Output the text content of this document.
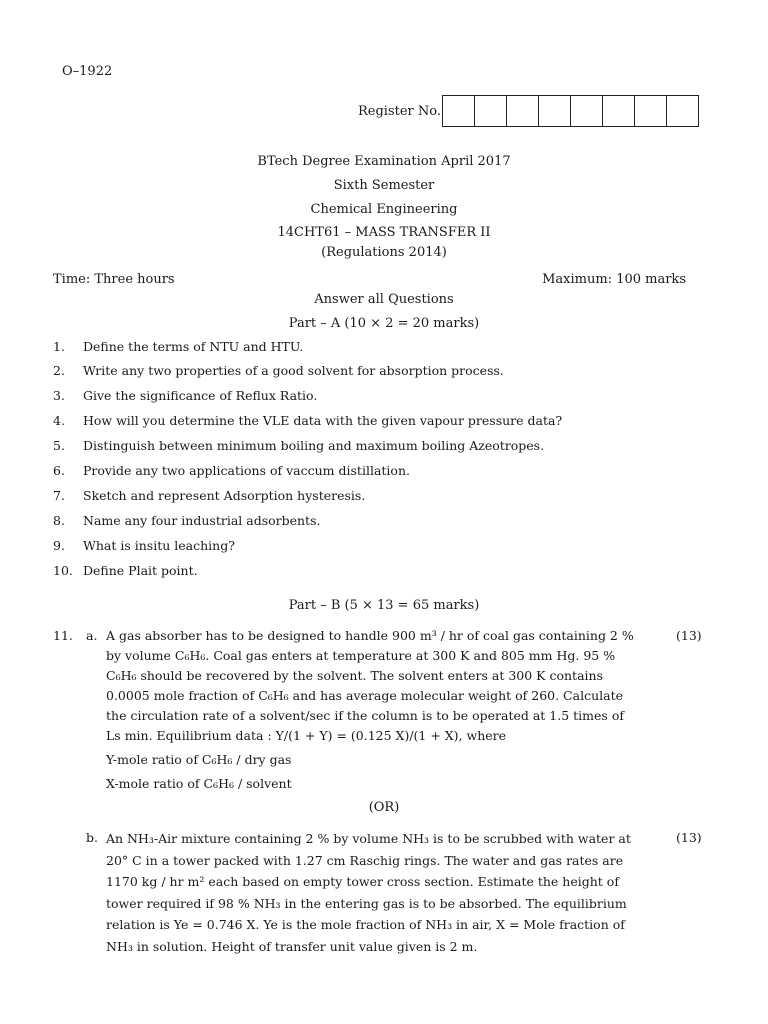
O–1922
Register No.
BTech Degree Examination April 2017
Sixth Semester
Chemical Engineering
14CHT61 – MASS TRANSFER II
(Regulations 2014)
Time: Three hours	Maximum: 100 marks
Answer all Questions
Part – A (10 × 2 = 20 marks)
1. Define the terms of NTU and HTU.
2. Write any two properties of a good solvent for absorption process.
3. Give the significance of Reflux Ratio.
4. How will you determine the VLE data with the given vapour pressure data?
5. Distinguish between minimum boiling and maximum boiling Azeotropes.
6. Provide any two applications of vaccum distillation.
7. Sketch and represent Adsorption hysteresis.
8. Name any four industrial adsorbents.
9. What is insitu leaching?
10. Define Plait point.
Part – B (5 × 13 = 65 marks)
11. a.	(13)
A gas absorber has to be designed to handle 900 m³ / hr of coal gas containing 2 %
by volume C₆H₆. Coal gas enters at temperature at 300 K and 805 mm Hg. 95 %
C₆H₆ should be recovered by the solvent. The solvent enters at 300 K contains
0.0005 mole fraction of C₆H₆ and has average molecular weight of 260. Calculate
the circulation rate of a solvent/sec if the column is to be operated at 1.5 times of
Ls min. Equilibrium data : Y/(1 + Y) = (0.125 X)/(1 + X), where
Y-mole ratio of C₆H₆ / dry gas
X-mole ratio of C₆H₆ / solvent
(OR)
b.	(13)
An NH₃-Air mixture containing 2 % by volume NH₃ is to be scrubbed with water at
20° C in a tower packed with 1.27 cm Raschig rings. The water and gas rates are
1170 kg / hr m² each based on empty tower cross section. Estimate the height of
tower required if 98 % NH₃ in the entering gas is to be absorbed. The equilibrium
relation is Ye = 0.746 X. Ye is the mole fraction of NH₃ in air, X = Mole fraction of
NH₃ in solution. Height of transfer unit value given is 2 m.
